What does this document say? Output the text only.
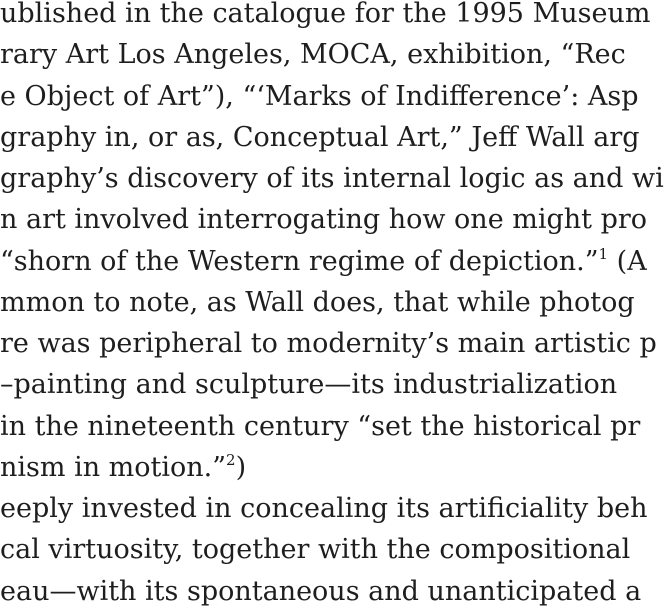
ublished in the catalogue for the 1995 Museum
rary Art Los Angeles, MOCA, exhibition, “Rec
e Object of Art”), “‘Marks of Indifference’: Asp
graphy in, or as, Conceptual Art,” Jeff Wall arg
graphy’s discovery of its internal logic as and wi
n art involved interrogating how one might pro
“shorn of the Western regime of depiction.”$^1$ (A
mmon to note, as Wall does, that while photog
re was peripheral to modernity’s main artistic p
–painting and sculpture—its industrialization
in the nineteenth century “set the historical pr
nism in motion.”$^2$)
eeply invested in concealing its artificiality beh
cal virtuosity, together with the compositional
eau—with its spontaneous and unanticipated a
